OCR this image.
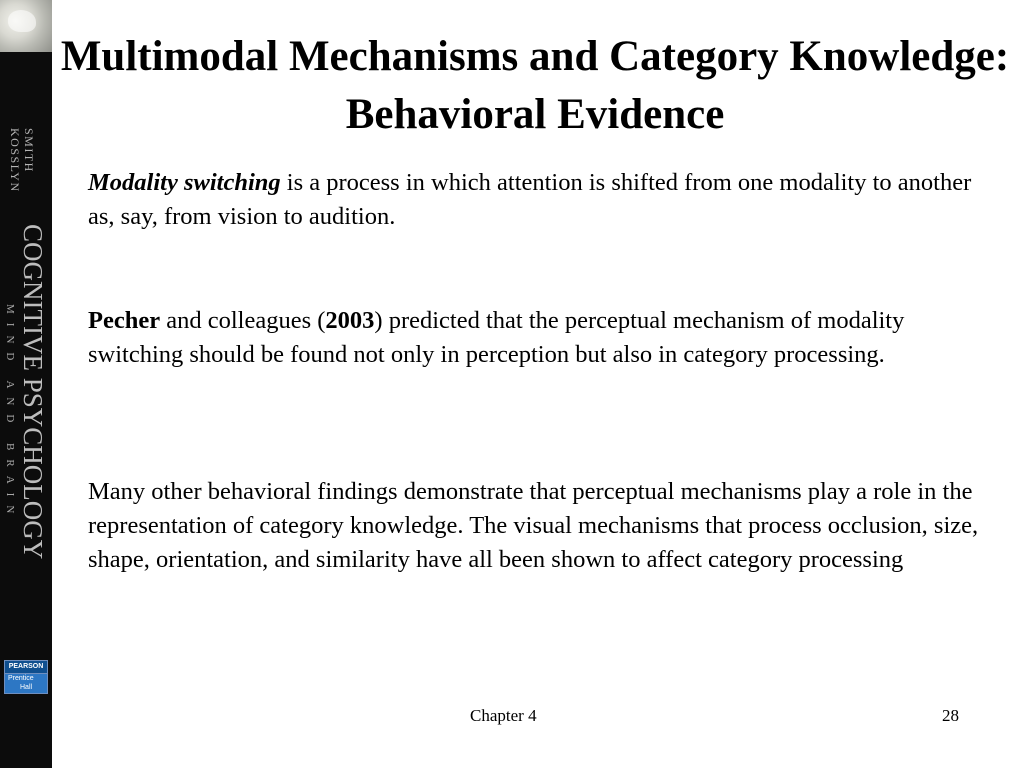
SMITH
KOSSLYN
COGNITIVE PSYCHOLOGY
MIND AND BRAIN
PEARSON
Prentice
Hall
Multimodal Mechanisms and Category Knowledge: Behavioral Evidence

Modality switching is a process in which attention is shifted from one modality to another as, say, from vision to audition.

Pecher and colleagues (2003) predicted that the perceptual mechanism of modality switching should be found not only in perception but also in category processing.

Many other behavioral findings demonstrate that perceptual mechanisms play a role in the representation of category knowledge. The visual mechanisms that process occlusion, size, shape, orientation, and similarity have all been shown to affect category processing

Chapter 4	28
